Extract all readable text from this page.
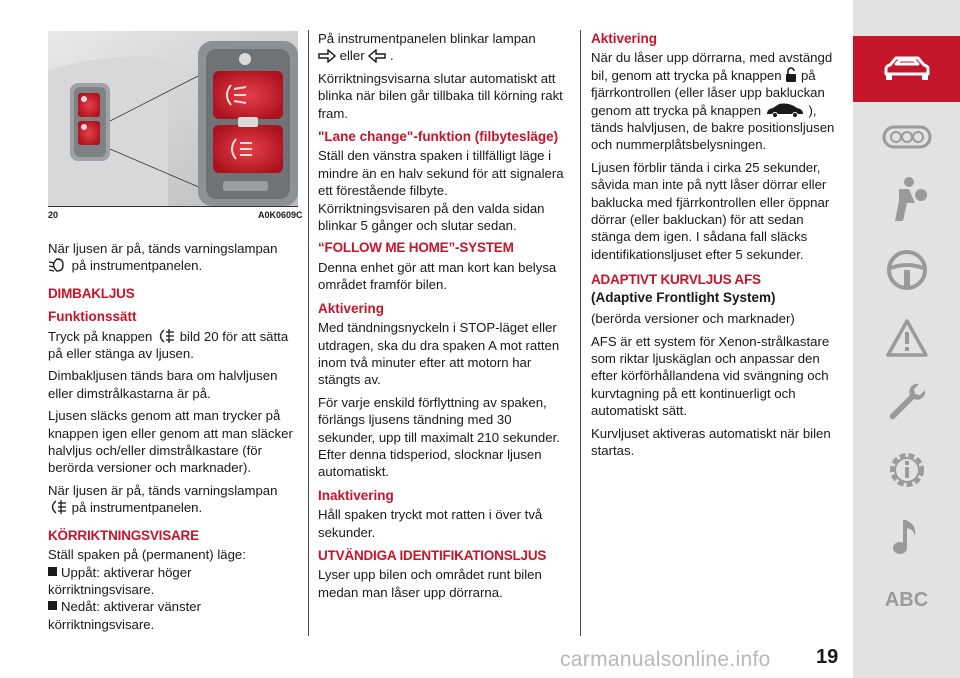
20	A0K0609C

När ljusen är på, tänds varningslampan  på instrumentpanelen.

DIMBAKLJUS
Funktionssätt

Tryck på knappen bild 20 för att sätta på eller stänga av ljusen.

Dimbakljusen tänds bara om halvljusen eller dimstrålkastarna är på.

Ljusen släcks genom att man trycker på knappen igen eller genom att man släcker halvljus och/eller dimstrålkastare (för berörda versioner och marknader).

När ljusen är på, tänds varningslampan
på instrumentpanelen.

KÖRRIKTNINGSVISARE

Ställ spaken på (permanent) läge:
Uppåt: aktiverar höger körriktningsvisare.
Nedåt: aktiverar vänster körriktningsvisare.

På instrumentpanelen blinkar lampan
eller .

Körriktningsvisarna slutar automatiskt att blinka när bilen går tillbaka till körning rakt fram.

"Lane change"-funktion (filbytesläge)

Ställ den vänstra spaken i tillfälligt läge i mindre än en halv sekund för att signalera ett förestående filbyte.

Körriktningsvisaren på den valda sidan blinkar 5 gånger och slutar sedan.

“FOLLOW ME HOME”-SYSTEM

Denna enhet gör att man kort kan belysa området framför bilen.

Aktivering

Med tändningsnyckeln i STOP-läget eller utdragen, ska du dra spaken A mot ratten inom två minuter efter att motorn har stängts av.

För varje enskild förflyttning av spaken, förlängs ljusens tändning med 30 sekunder, upp till maximalt 210 sekunder. Efter denna tidsperiod, slocknar ljusen automatiskt.

Inaktivering

Håll spaken tryckt mot ratten i över två sekunder.

UTVÄNDIGA IDENTIFIKATIONSLJUS

Lyser upp bilen och området runt bilen medan man låser upp dörrarna.

Aktivering

När du låser upp dörrarna, med avstängd bil, genom att trycka på knappen på fjärrkontrollen (eller låser upp bakluckan genom att trycka på knappen	), tänds halvljusen, de bakre positionsljusen och nummerplåtsbelysningen.

Ljusen förblir tända i cirka 25 sekunder, såvida man inte på nytt låser dörrar eller baklucka med fjärrkontrollen eller öppnar dörrar (eller bakluckan) för att sedan stänga dem igen. I sådana fall släcks identifikationsljuset efter 5 sekunder.

ADAPTIVT KURVLJUS AFS
(Adaptive Frontlight System)

(berörda versioner och marknader)

AFS är ett system för Xenon-strålkastare som riktar ljuskäglan och anpassar den efter körförhållandena vid svängning och kurvtagning på ett kontinuerligt och automatiskt sätt.

Kurvljuset aktiveras automatiskt när bilen startas.

ABC
carmanualsonline.info 19
